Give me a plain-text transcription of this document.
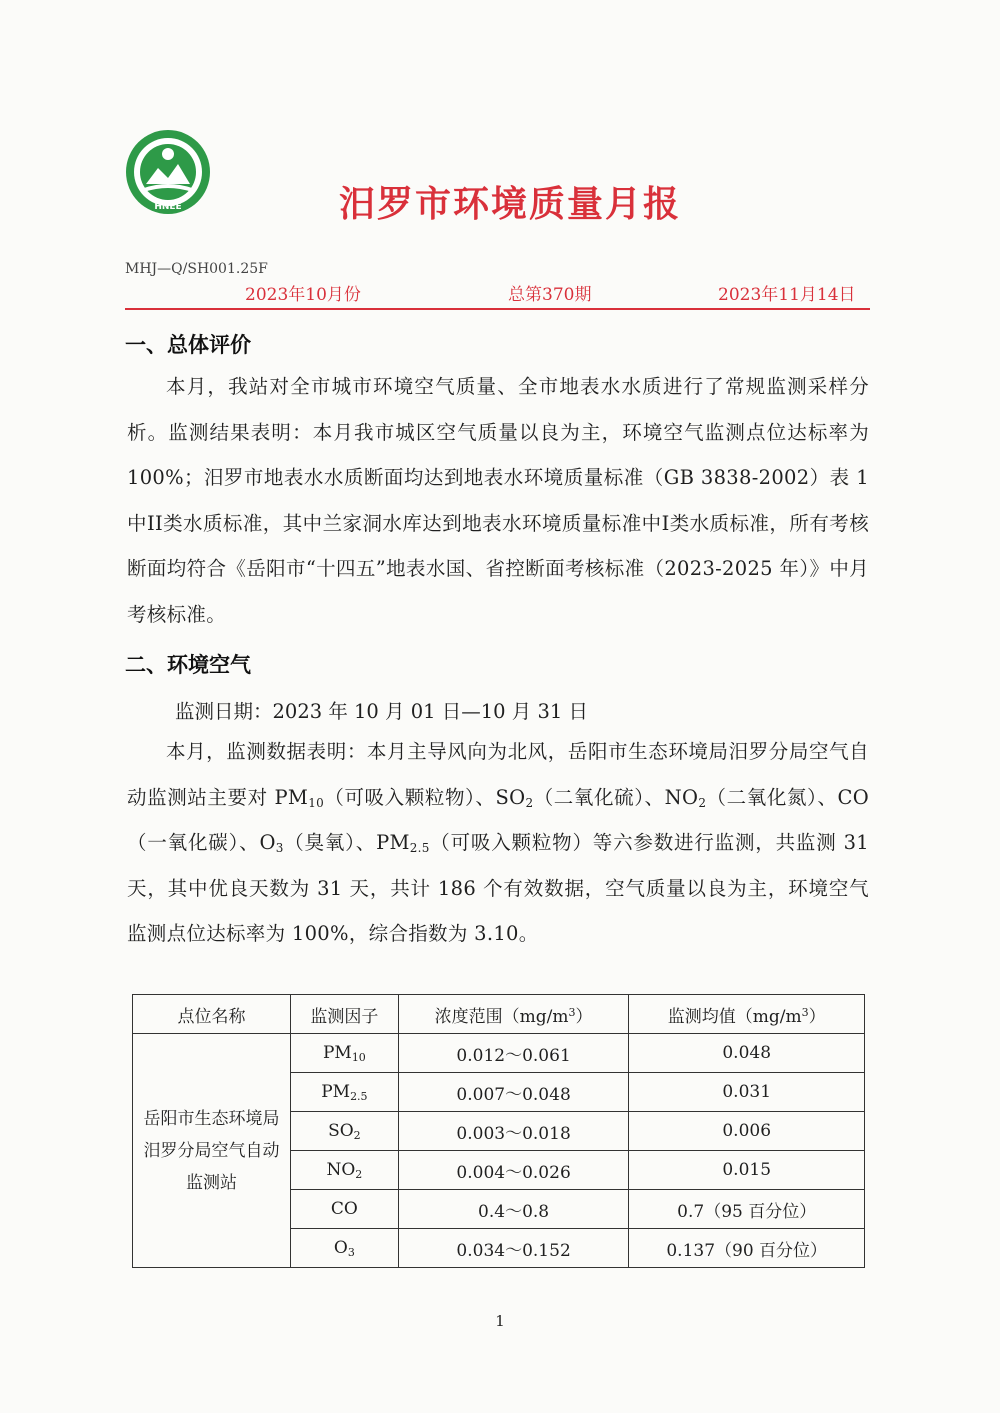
HNEE	汨罗市环境质量月报
MHJ—Q/SH001.25F
2023年10月份	总第370期	2023年11月14日
一、总体评价
本月，我站对全市城市环境空气质量、全市地表水水质进行了常规监测采样分析。监测结果表明：本月我市城区空气质量以良为主，环境空气监测点位达标率为 100%；汨罗市地表水水质断面均达到地表水环境质量标准（GB 3838-2002）表 1 中II类水质标准，其中兰家洞水库达到地表水环境质量标准中I类水质标准，所有考核断面均符合《岳阳市“十四五”地表水国、省控断面考核标准（2023-2025 年）》中月考核标准。
二、环境空气
监测日期：2023 年 10 月 01 日—10 月 31 日
本月，监测数据表明：本月主导风向为北风，岳阳市生态环境局汨罗分局空气自动监测站主要对 $PM_{10}$（可吸入颗粒物）、$SO_2$（二氧化硫）、$NO_2$（二氧化氮）、CO（一氧化碳）、$O_3$（臭氧）、$PM_{2.5}$（可吸入颗粒物）等六参数进行监测，共监测 31 天，其中优良天数为 31 天，共计 186 个有效数据，空气质量以良为主，环境空气监测点位达标率为 100%，综合指数为 3.10。
点位名称	监测因子	浓度范围$(mg/m^3)$	监测均值$(mg/m^3)$

岳阳市生态环境局汨罗分局空气自动监测站	$PM_{10}$	0.012～0.061	0.048
	$PM_{2.5}$	0.007～0.048	0.031
	$SO_2$	0.003～0.018	0.006
	$NO_2$	0.004～0.026	0.015
	CO	0.4～0.8	0.7（95 百分位）
	$O_3$	0.034～0.152	0.137（90 百分位）
1
